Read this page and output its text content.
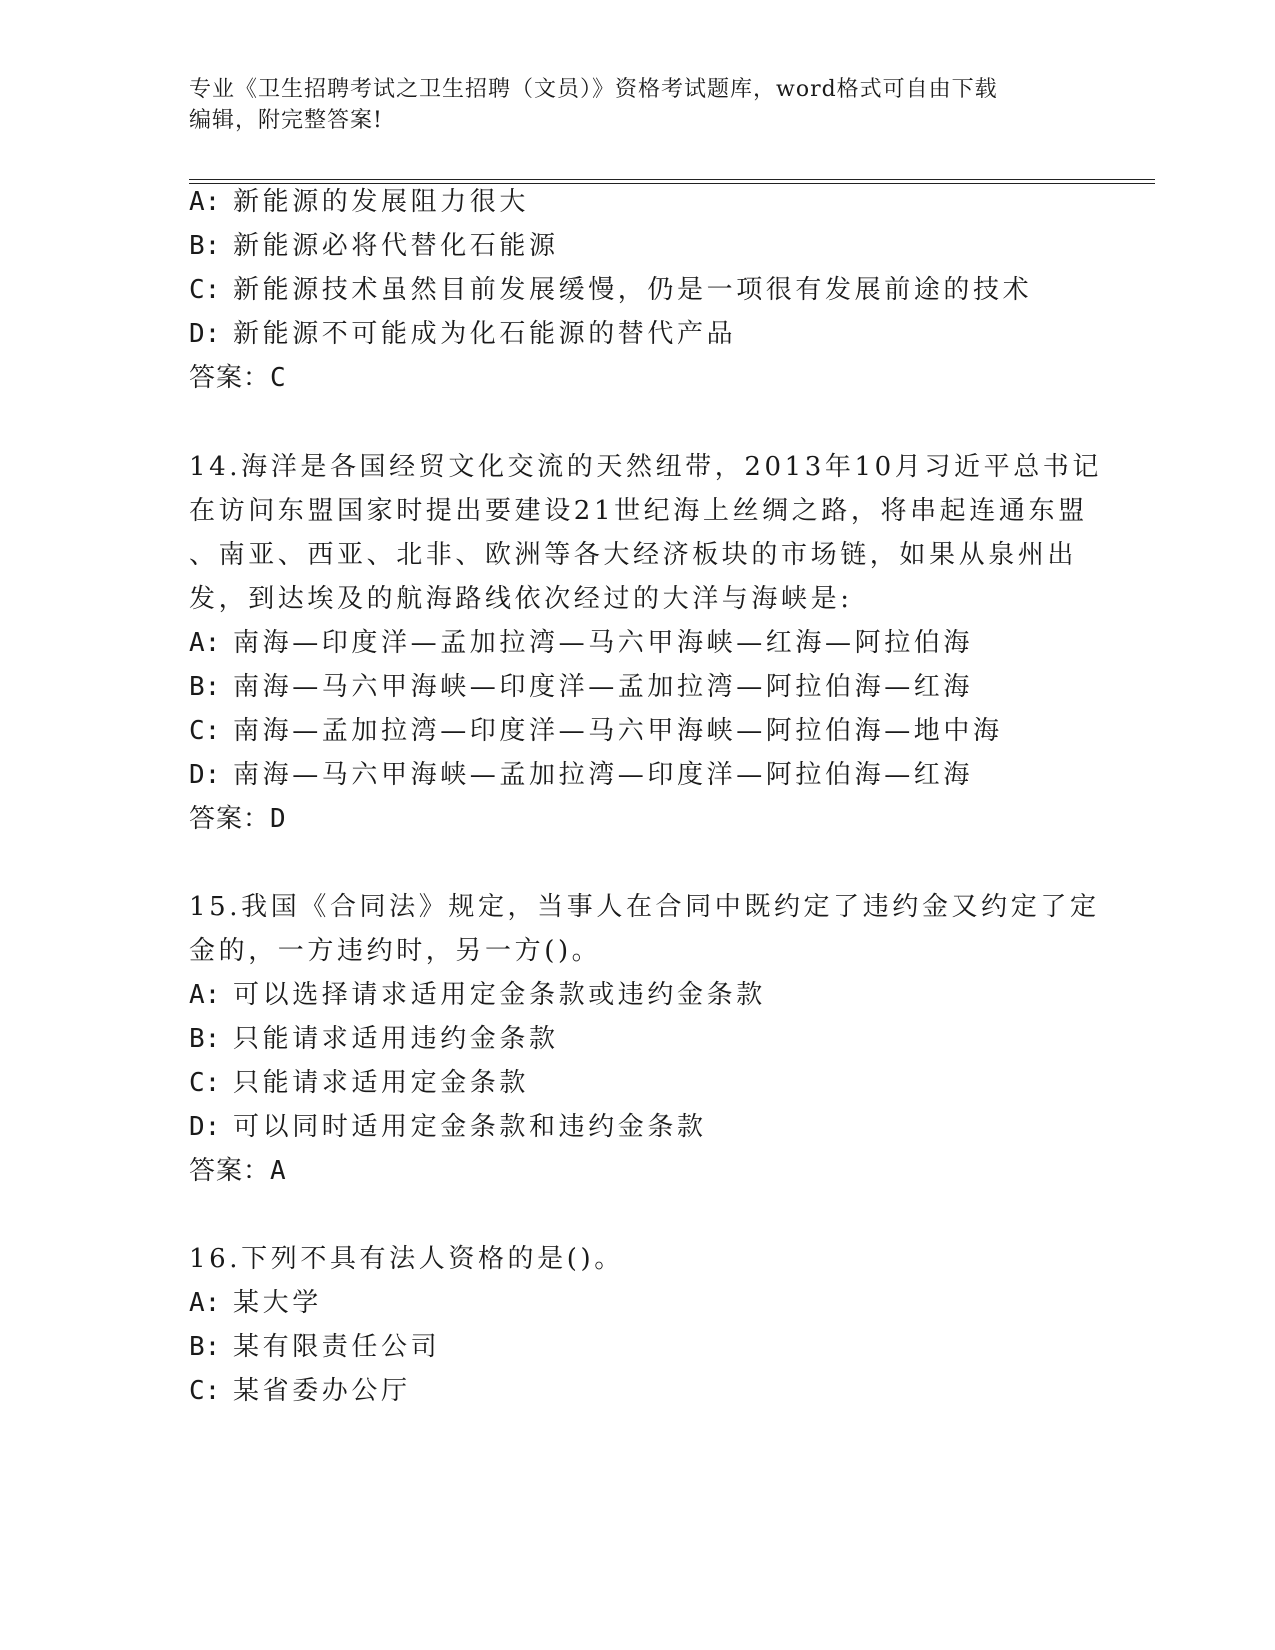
专业《卫生招聘考试之卫生招聘（文员）》资格考试题库，word格式可自由下载
编辑，附完整答案!
A: 新能源的发展阻力很大
B: 新能源必将代替化石能源
C: 新能源技术虽然目前发展缓慢，仍是一项很有发展前途的技术
D: 新能源不可能成为化石能源的替代产品
答案：C
14.海洋是各国经贸文化交流的天然纽带，2013年10月习近平总书记
在访问东盟国家时提出要建设21世纪海上丝绸之路，将串起连通东盟
、南亚、西亚、北非、欧洲等各大经济板块的市场链，如果从泉州出
发，到达埃及的航海路线依次经过的大洋与海峡是:
A: 南海—印度洋—孟加拉湾—马六甲海峡—红海—阿拉伯海
B: 南海—马六甲海峡—印度洋—孟加拉湾—阿拉伯海—红海
C: 南海—孟加拉湾—印度洋—马六甲海峡—阿拉伯海—地中海
D: 南海—马六甲海峡—孟加拉湾—印度洋—阿拉伯海—红海
答案：D
15.我国《合同法》规定，当事人在合同中既约定了违约金又约定了定
金的，一方违约时，另一方()。
A: 可以选择请求适用定金条款或违约金条款
B: 只能请求适用违约金条款
C: 只能请求适用定金条款
D: 可以同时适用定金条款和违约金条款
答案：A
16.下列不具有法人资格的是()。
A: 某大学
B: 某有限责任公司
C: 某省委办公厅
